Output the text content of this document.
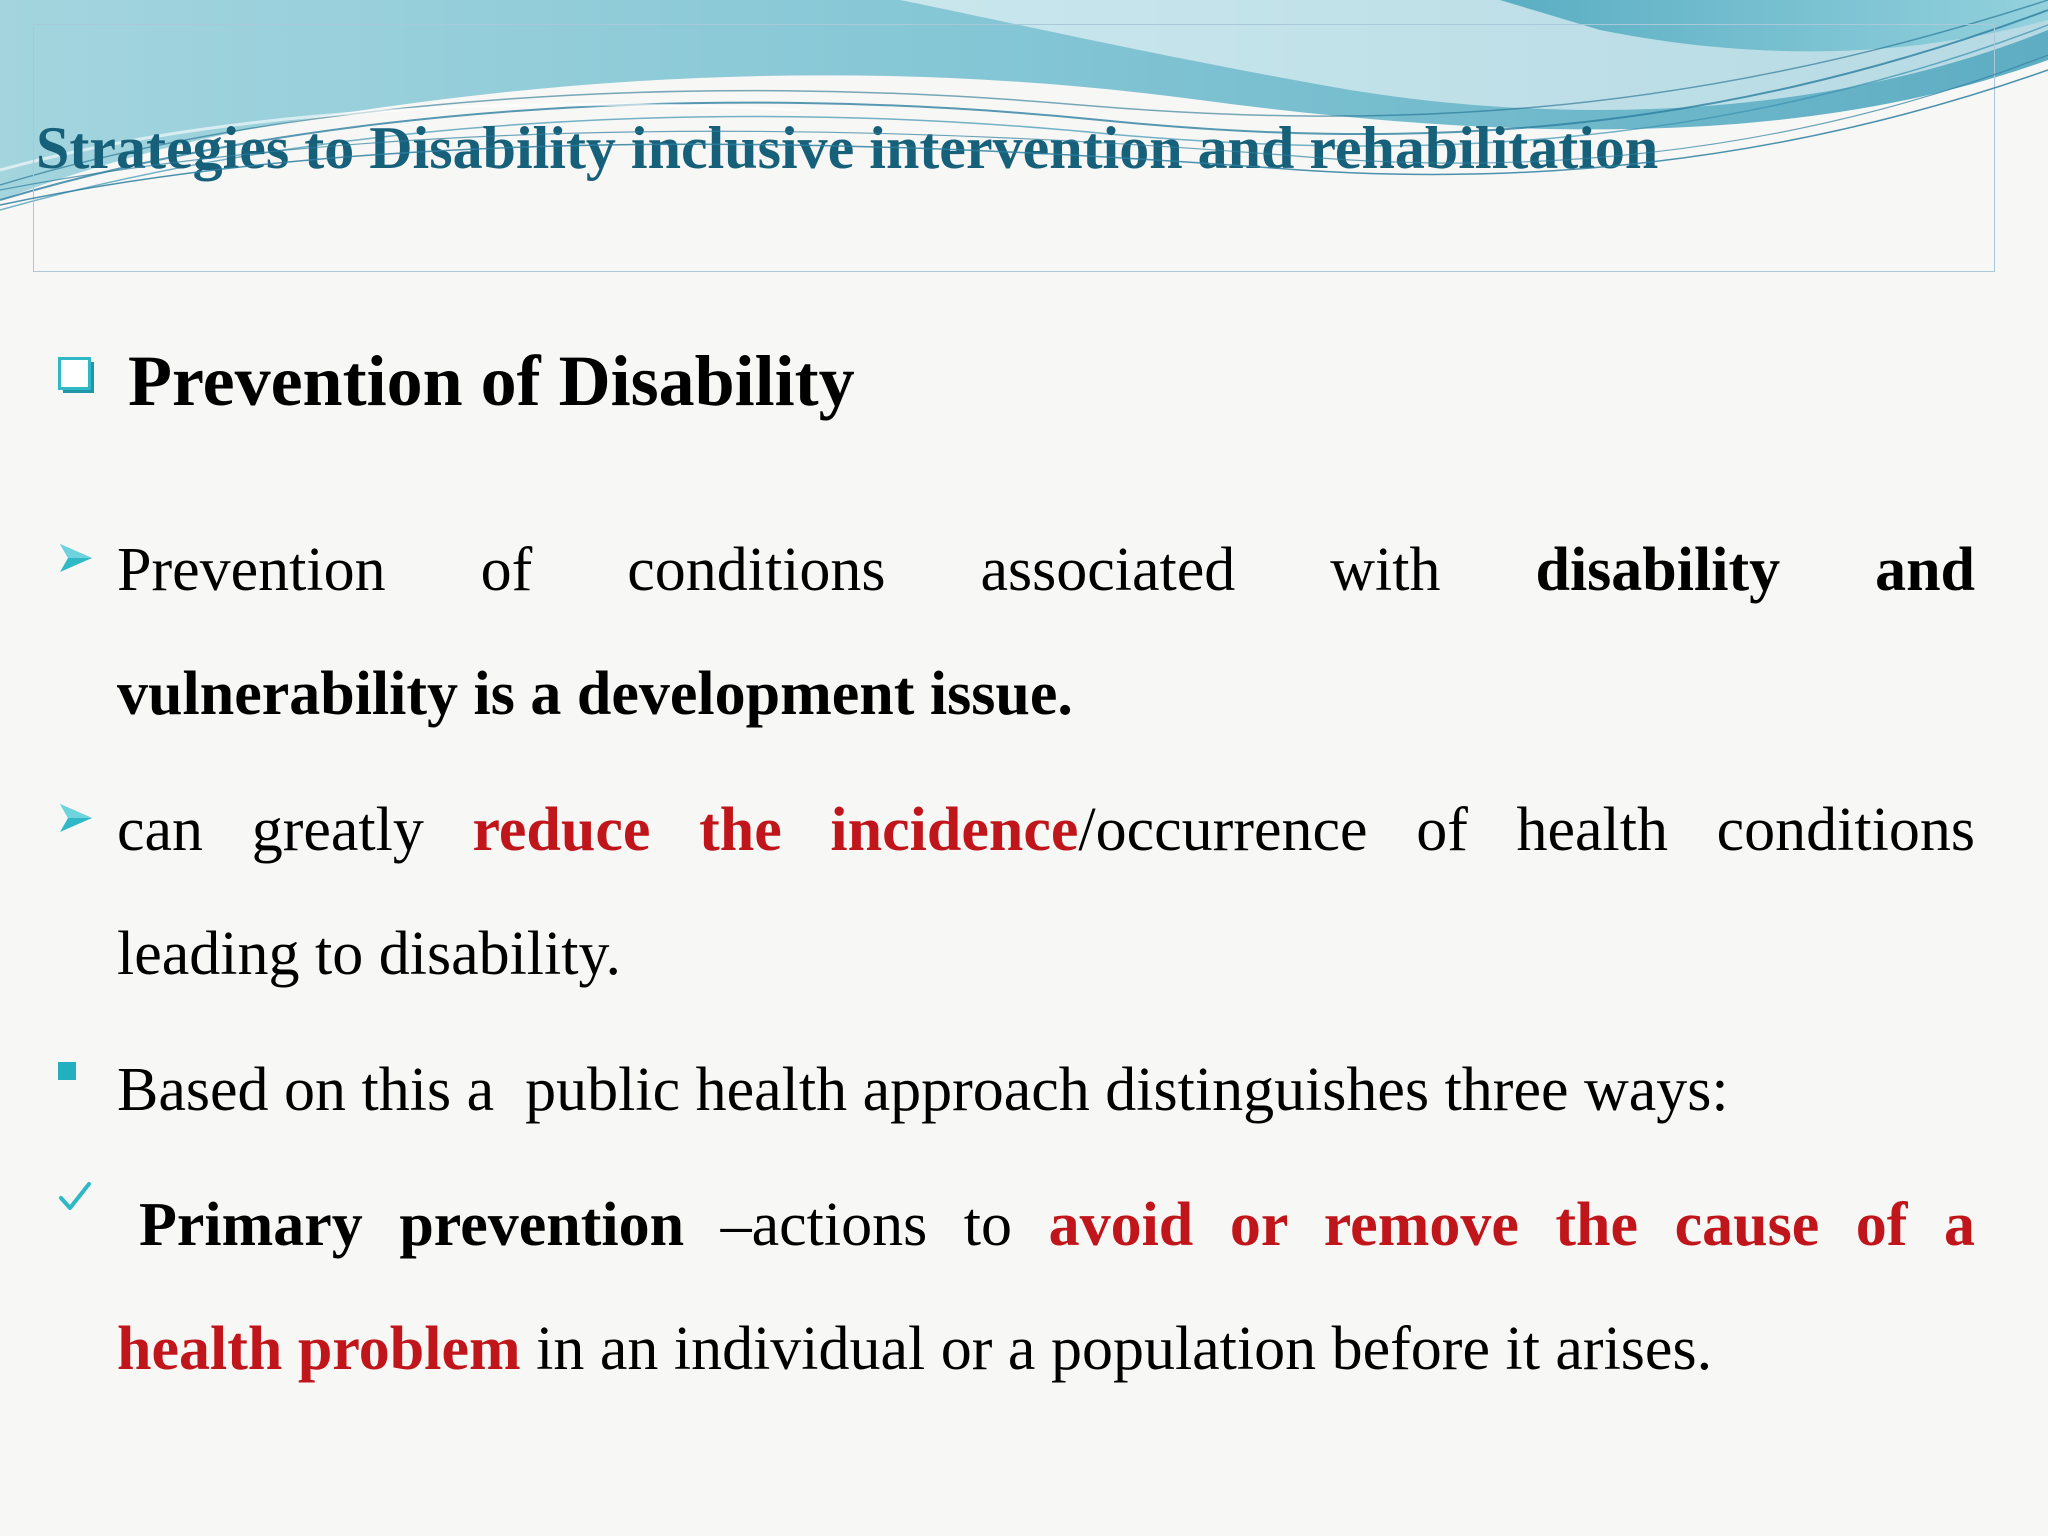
Strategies to Disability inclusive intervention and rehabilitation
Prevention of Disability
Prevention of conditions associated with disability and
vulnerability is a development issue.
can greatly reduce the incidence/occurrence of health conditions
leading to disability.
Based on this a  public health approach distinguishes three ways:
Primary prevention –actions to avoid or remove the cause of a
health problem in an individual or a population before it arises.
